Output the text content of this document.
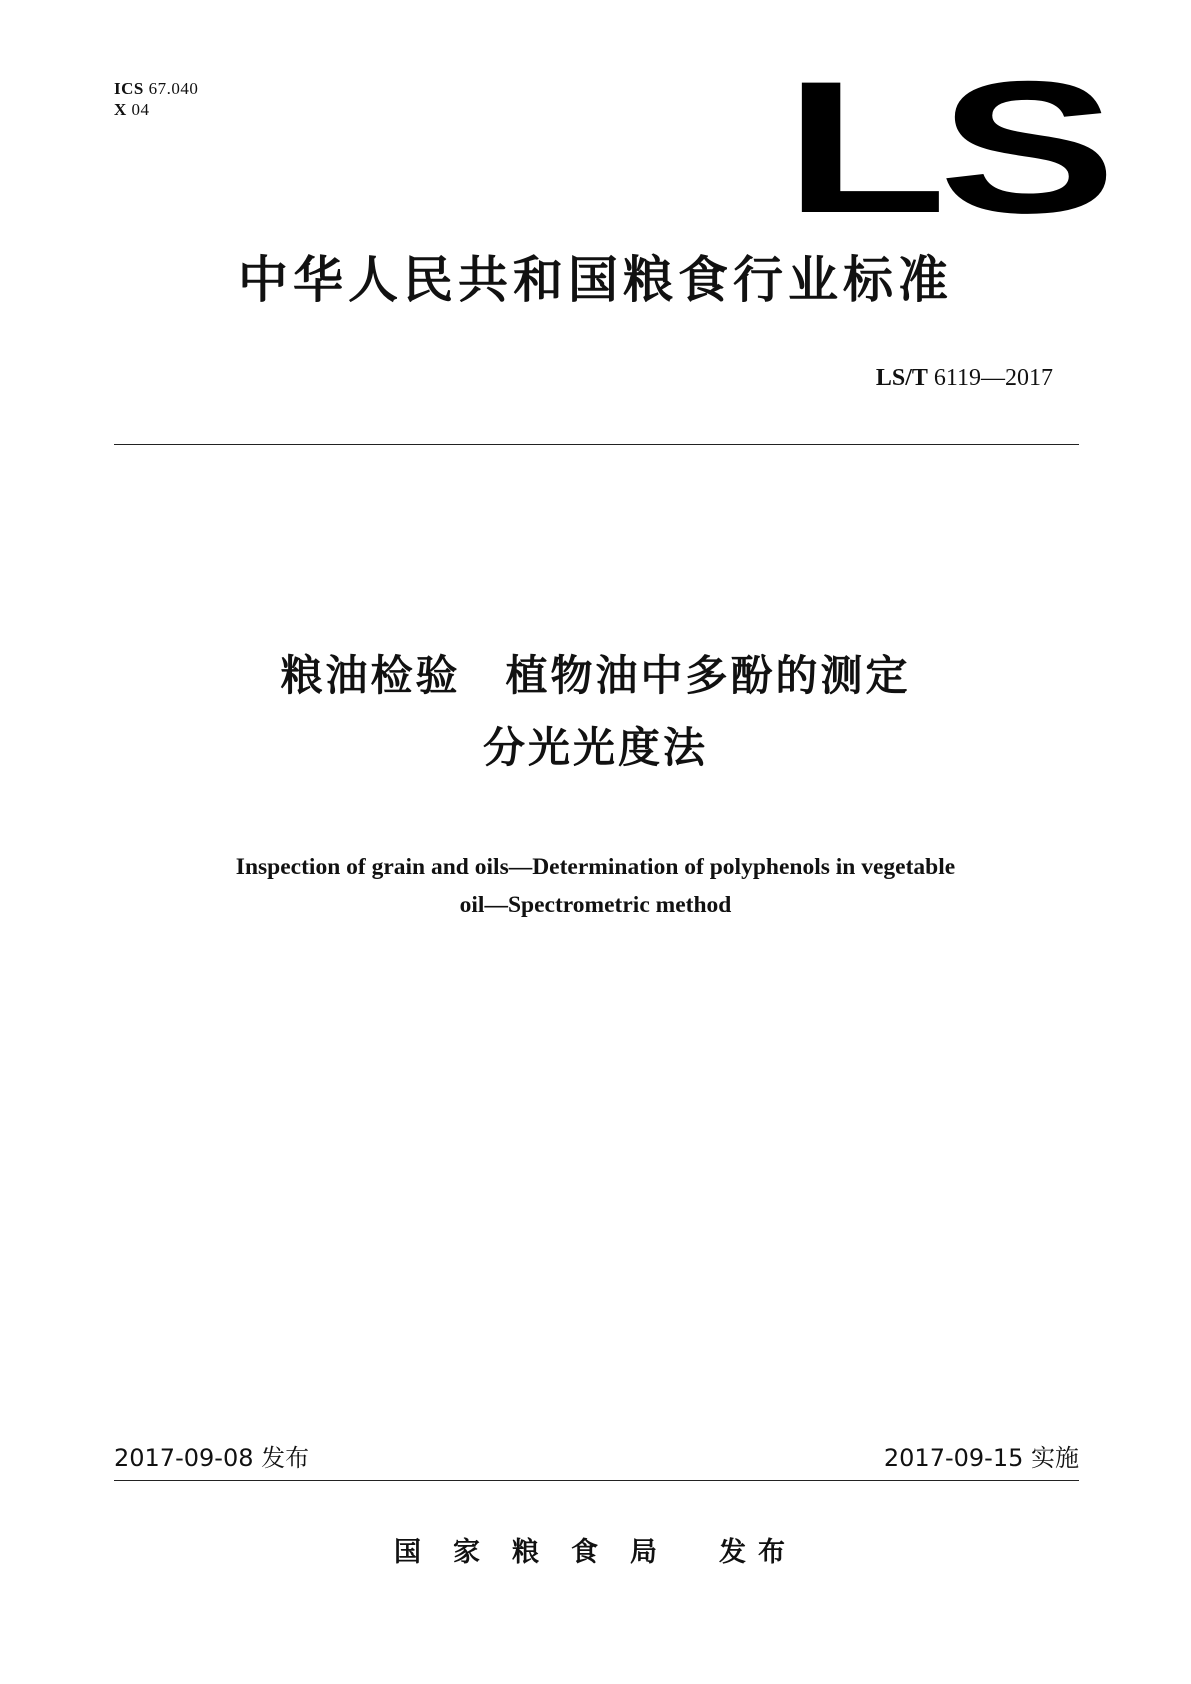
ICS 67.040
X 04	LS
中华人民共和国粮食行业标准
LS/T 6119—2017
粮油检验　植物油中多酚的测定
分光光度法
Inspection of grain and oils—Determination of polyphenols in vegetable
oil—Spectrometric method
2017-09-08 发布	2017-09-15 实施
国家粮食局 发布
